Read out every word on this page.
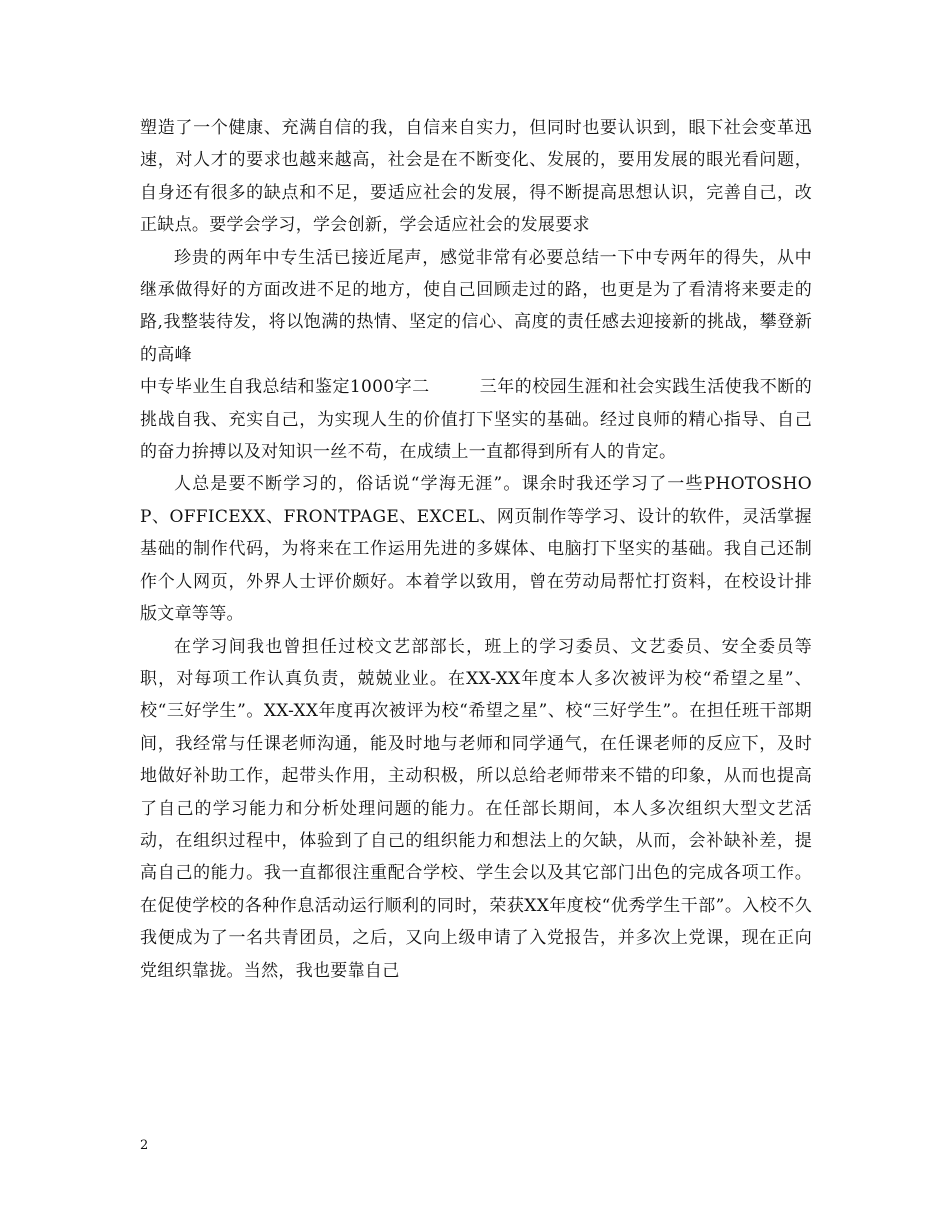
塑造了一个健康、充满自信的我，自信来自实力，但同时也要认识到，眼下社会变革迅速，对人才的要求也越来越高，社会是在不断变化、发展的，要用发展的眼光看问题，自身还有很多的缺点和不足，要适应社会的发展，得不断提高思想认识，完善自己，改正缺点。要学会学习，学会创新，学会适应社会的发展要求

珍贵的两年中专生活已接近尾声，感觉非常有必要总结一下中专两年的得失，从中继承做得好的方面改进不足的地方，使自己回顾走过的路，也更是为了看清将来要走的路,我整装待发，将以饱满的热情、坚定的信心、高度的责任感去迎接新的挑战，攀登新的高峰

中专毕业生自我总结和鉴定1000字二	三年的校园生涯和社会实践生活使我不断的挑战自我、充实自己，为实现人生的价值打下坚实的基础。经过良师的精心指导、自己的奋力拚搏以及对知识一丝不苟，在成绩上一直都得到所有人的肯定。

人总是要不断学习的，俗话说“学海无涯”。课余时我还学习了一些PHOTOSHOP、OFFICEXX、FRONTPAGE、EXCEL、网页制作等学习、设计的软件，灵活掌握基础的制作代码，为将来在工作运用先进的多媒体、电脑打下坚实的基础。我自己还制作个人网页，外界人士评价颇好。本着学以致用，曾在劳动局帮忙打资料，在校设计排版文章等等。

在学习间我也曾担任过校文艺部部长，班上的学习委员、文艺委员、安全委员等职，对每项工作认真负责，兢兢业业。在XX-XX年度本人多次被评为校“希望之星”、校“三好学生”。XX-XX年度再次被评为校“希望之星”、校“三好学生”。在担任班干部期间，我经常与任课老师沟通，能及时地与老师和同学通气，在任课老师的反应下，及时地做好补助工作，起带头作用，主动积极，所以总给老师带来不错的印象，从而也提高了自己的学习能力和分析处理问题的能力。在任部长期间，本人多次组织大型文艺活动，在组织过程中，体验到了自己的组织能力和想法上的欠缺，从而，会补缺补差，提高自己的能力。我一直都很注重配合学校、学生会以及其它部门出色的完成各项工作。在促使学校的各种作息活动运行顺利的同时，荣获XX年度校“优秀学生干部”。入校不久我便成为了一名共青团员，之后，又向上级申请了入党报告，并多次上党课，现在正向党组织靠拢。当然，我也要靠自己

2
